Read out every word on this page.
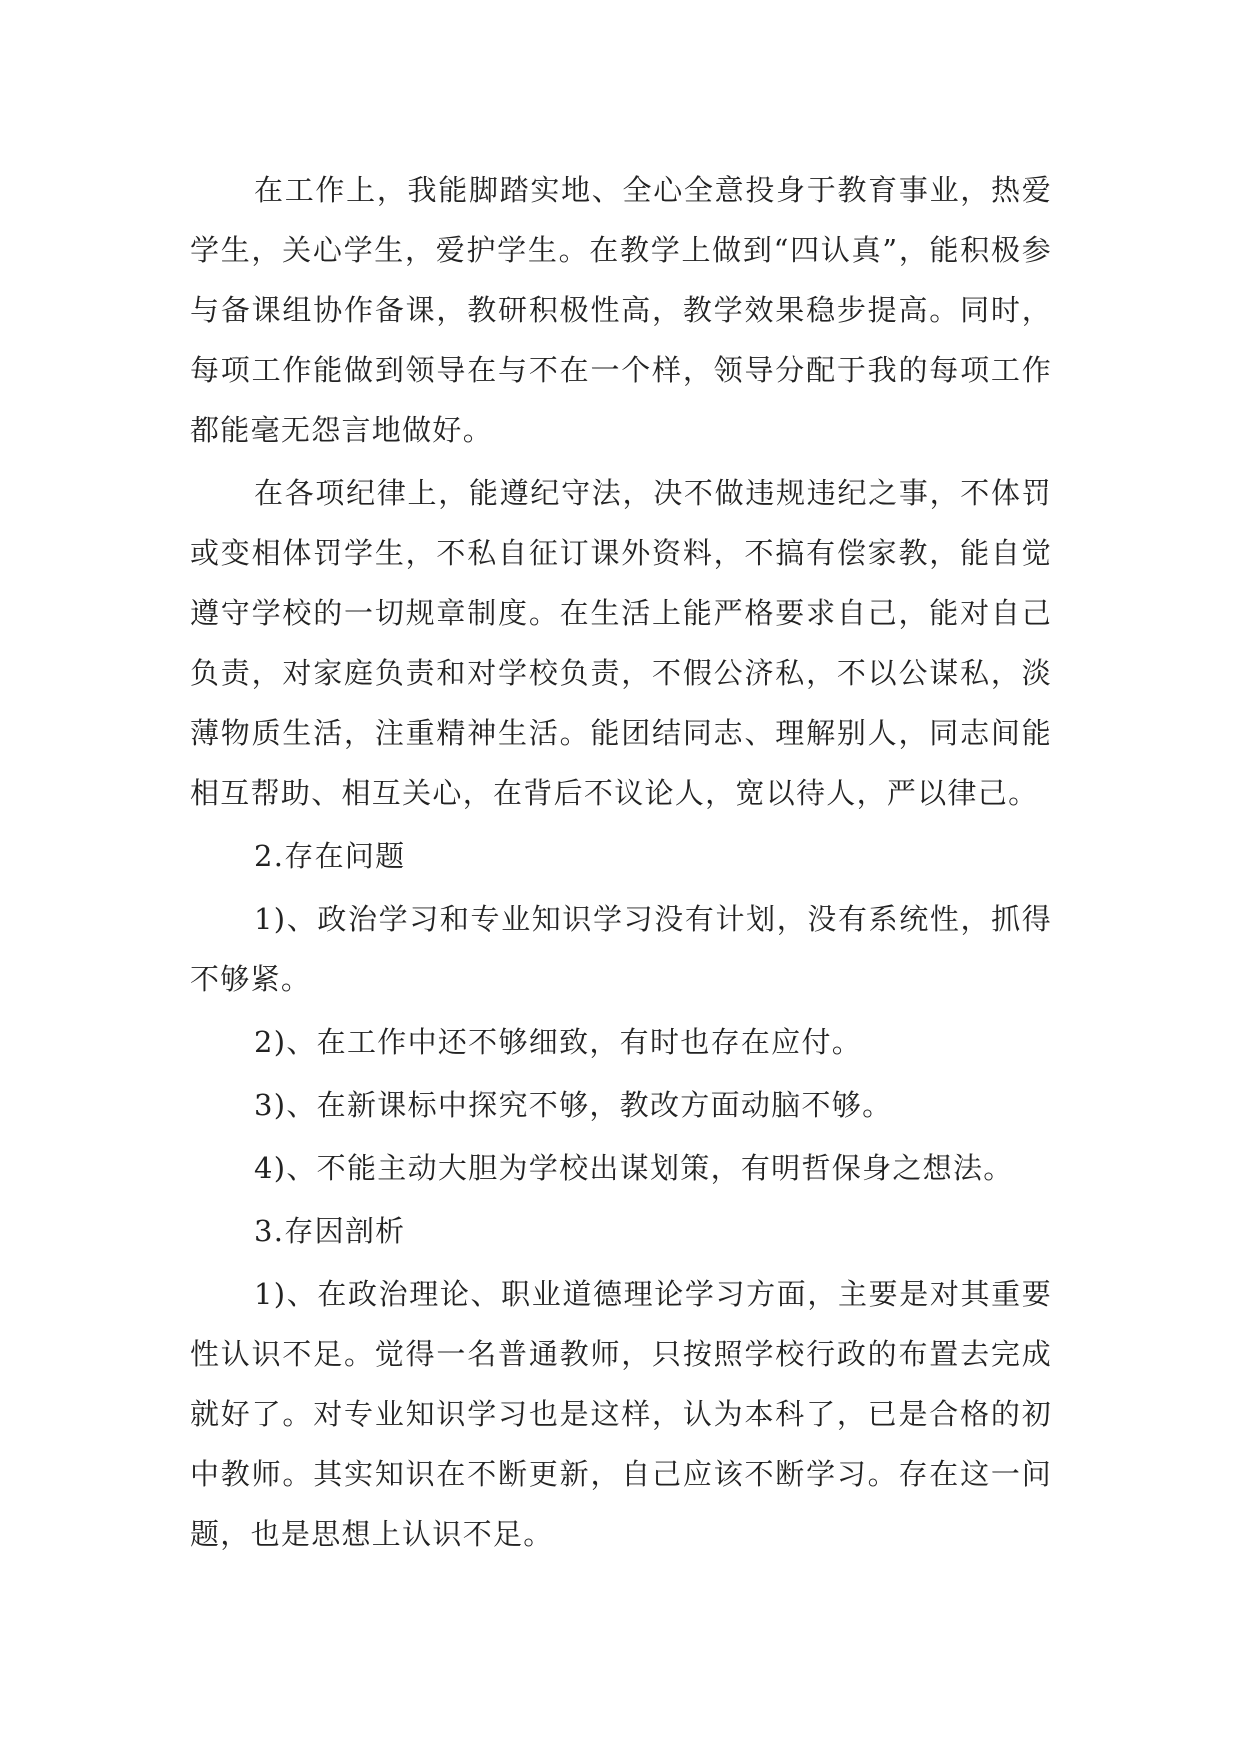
在工作上，我能脚踏实地、全心全意投身于教育事业，热爱学生，关心学生，爱护学生。在教学上做到“四认真”，能积极参与备课组协作备课，教研积极性高，教学效果稳步提高。同时，每项工作能做到领导在与不在一个样，领导分配于我的每项工作都能毫无怨言地做好。

在各项纪律上，能遵纪守法，决不做违规违纪之事，不体罚或变相体罚学生，不私自征订课外资料，不搞有偿家教，能自觉遵守学校的一切规章制度。在生活上能严格要求自己，能对自己负责，对家庭负责和对学校负责，不假公济私，不以公谋私，淡薄物质生活，注重精神生活。能团结同志、理解别人，同志间能相互帮助、相互关心，在背后不议论人，宽以待人，严以律己。

2.存在问题

1)、政治学习和专业知识学习没有计划，没有系统性，抓得不够紧。

2)、在工作中还不够细致，有时也存在应付。

3)、在新课标中探究不够，教改方面动脑不够。

4)、不能主动大胆为学校出谋划策，有明哲保身之想法。

3.存因剖析

1)、在政治理论、职业道德理论学习方面，主要是对其重要性认识不足。觉得一名普通教师，只按照学校行政的布置去完成就好了。对专业知识学习也是这样，认为本科了，已是合格的初中教师。其实知识在不断更新，自己应该不断学习。存在这一问题，也是思想上认识不足。
